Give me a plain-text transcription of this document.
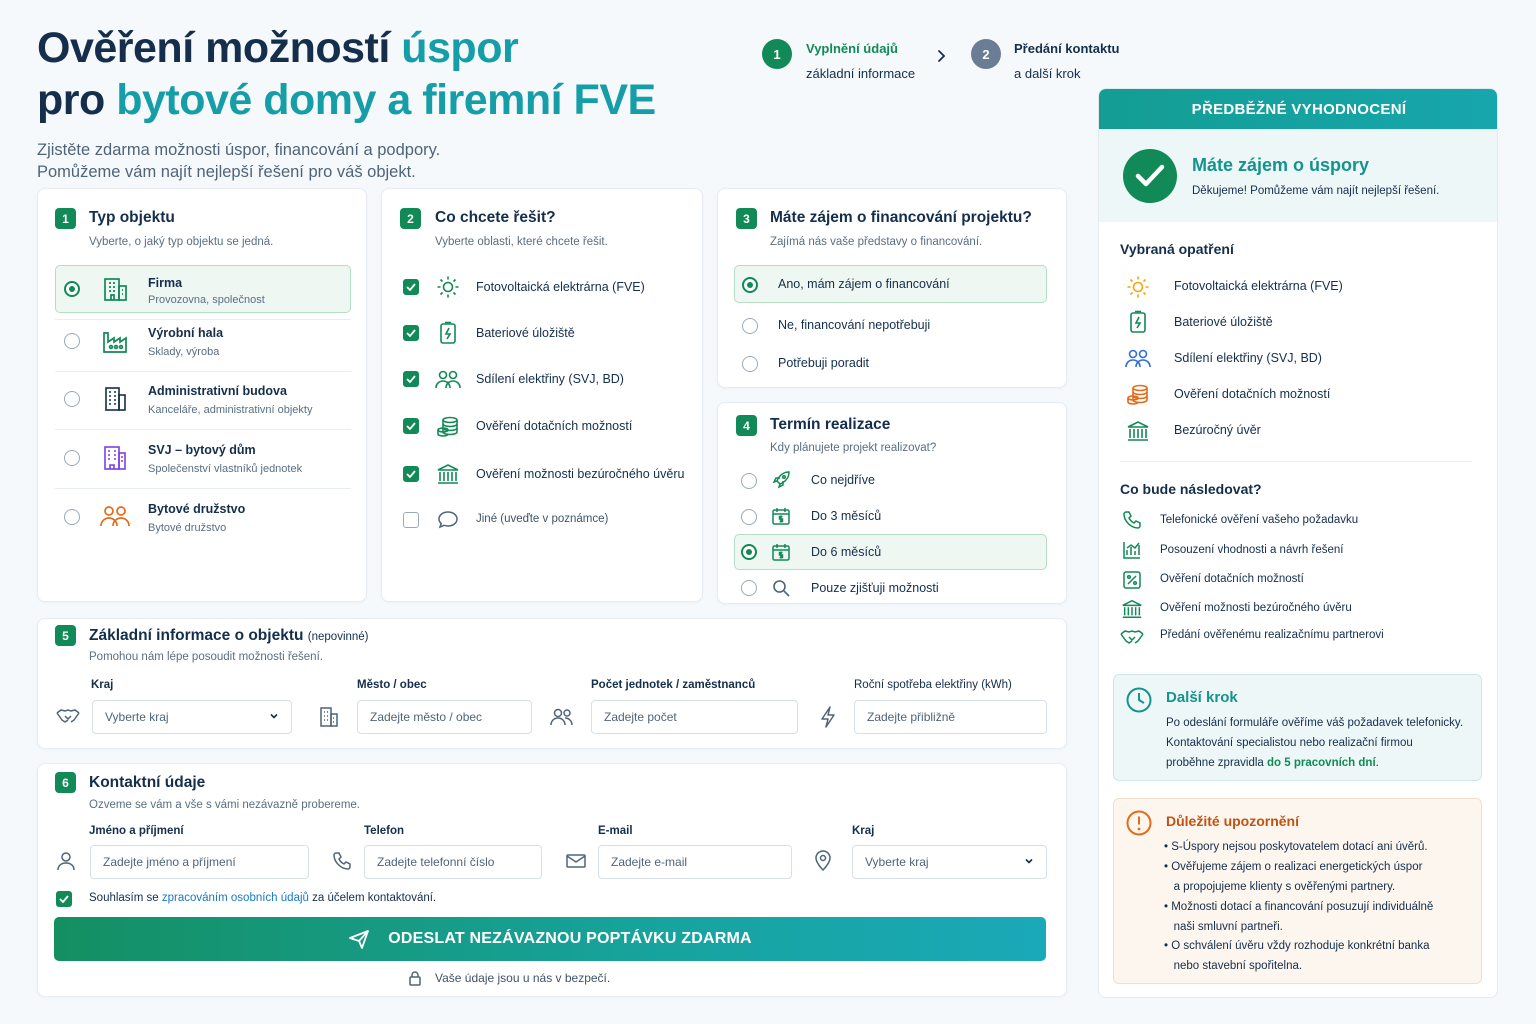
Ověření možností úspor
pro bytové domy a firemní FVE
Zjistěte zdarma možnosti úspor, financování a podpory.
Pomůžeme vám najít nejlepší řešení pro váš objekt.
1	Vyplnění údajů
základní informace
2	Předání kontaktu
a další krok
1	Typ objektu
Vyberte, o jaký typ objektu se jedná.
Firma
Provozovna, společnost
Výrobní hala
Sklady, výroba
Administrativní budova
Kanceláře, administrativní objekty
SVJ – bytový dům
Společenství vlastníků jednotek
Bytové družstvo
Bytové družstvo
2	Co chcete řešit?
Vyberte oblasti, které chcete řešit.
Fotovoltaická elektrárna (FVE)
Bateriové úložiště
Sdílení elektřiny (SVJ, BD)
Ověření dotačních možností
Ověření možnosti bezúročného úvěru
Jiné (uveďte v poznámce)
3	Máte zájem o financování projektu?
Zajímá nás vaše představy o financování.
Ano, mám zájem o financování
Ne, financování nepotřebuji
Potřebuji poradit
4	Termín realizace
Kdy plánujete projekt realizovat?
Co nejdříve
Do 3 měsíců
Do 6 měsíců
Pouze zjišťuji možnosti
5	Základní informace o objektu (nepovinné)
Pomohou nám lépe posoudit možnosti řešení.
Kraj
Vyberte kraj
Město / obec
Zadejte město / obec
Počet jednotek / zaměstnanců
Zadejte počet
Roční spotřeba elektřiny (kWh)
Zadejte přibližně
6	Kontaktní údaje
Ozveme se vám a vše s vámi nezávazně probereme.
Jméno a příjmení
Zadejte jméno a příjmení
Telefon
Zadejte telefonní číslo
E-mail
Zadejte e-mail
Kraj
Vyberte kraj
Souhlasím se zpracováním osobních údajů za účelem kontaktování.
ODESLAT NEZÁVAZNOU POPTÁVKU ZDARMA
Vaše údaje jsou u nás v bezpečí.
PŘEDBĚŽNÉ VYHODNOCENÍ
Máte zájem o úspory
Děkujeme! Pomůžeme vám najít nejlepší řešení.
Vybraná opatření
Fotovoltaická elektrárna (FVE)
Bateriové úložiště
Sdílení elektřiny (SVJ, BD)
Ověření dotačních možností
Bezúročný úvěr
Co bude následovat?
Telefonické ověření vašeho požadavku
Posouzení vhodnosti a návrh řešení
Ověření dotačních možností
Ověření možnosti bezúročného úvěru
Předání ověřenému realizačnímu partnerovi
Další krok
Po odeslání formuláře ověříme váš požadavek telefonicky.
Kontaktování specialistou nebo realizační firmou
proběhne zpravidla do 5 pracovních dní.
Důležité upozornění
• S-Úspory nejsou poskytovatelem dotací ani úvěrů.
• Ověřujeme zájem o realizaci energetických úspor
a propojujeme klienty s ověřenými partnery.
• Možnosti dotací a financování posuzují individuálně
naši smluvní partneři.
• O schválení úvěru vždy rozhoduje konkrétní banka
nebo stavební spořitelna.
